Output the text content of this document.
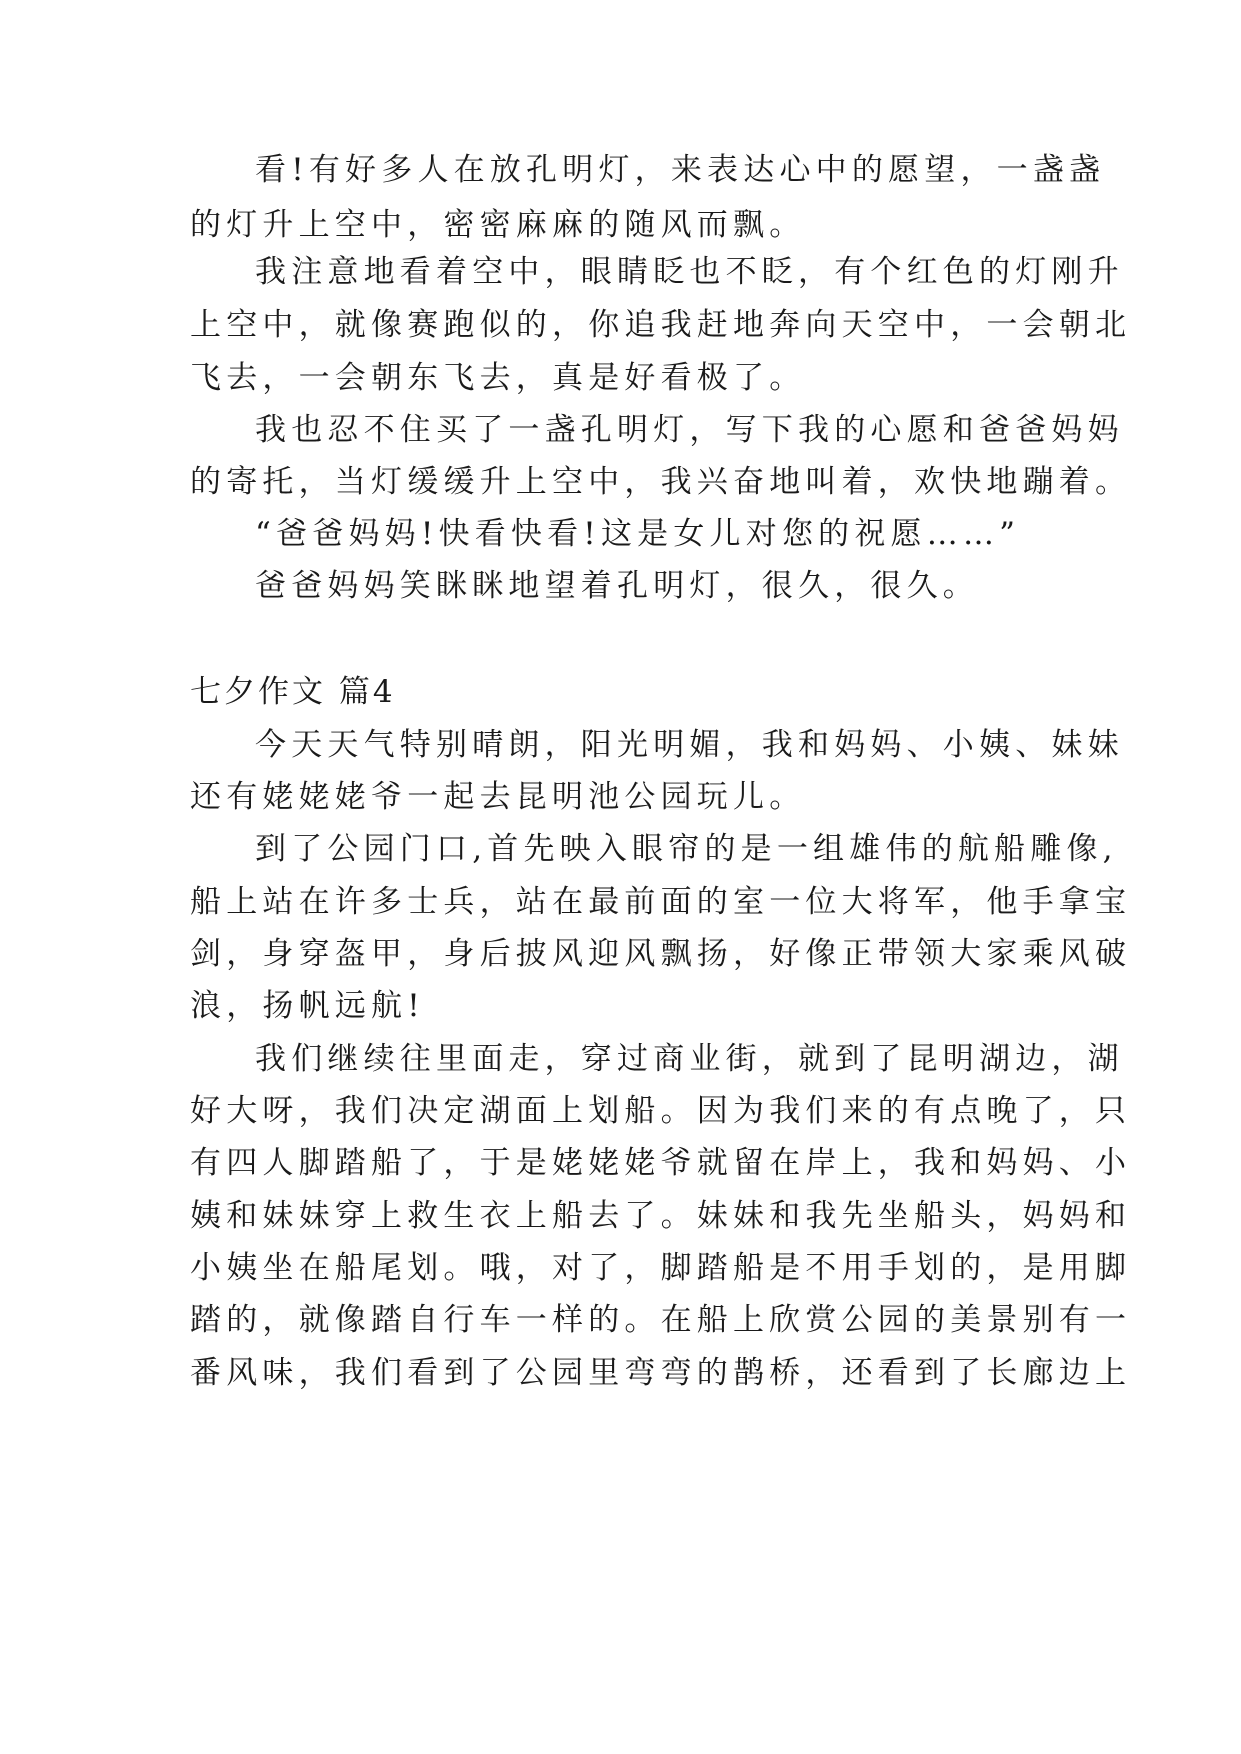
看!有好多人在放孔明灯，来表达心中的愿望，一盏盏
的灯升上空中，密密麻麻的随风而飘。
我注意地看着空中，眼睛眨也不眨，有个红色的灯刚升
上空中，就像赛跑似的，你追我赶地奔向天空中，一会朝北
飞去，一会朝东飞去，真是好看极了。
我也忍不住买了一盏孔明灯，写下我的心愿和爸爸妈妈
的寄托，当灯缓缓升上空中，我兴奋地叫着，欢快地蹦着。
“爸爸妈妈!快看快看!这是女儿对您的祝愿……”
爸爸妈妈笑眯眯地望着孔明灯，很久，很久。
七夕作文 篇4
今天天气特别晴朗，阳光明媚，我和妈妈、小姨、妹妹
还有姥姥姥爷一起去昆明池公园玩儿。
到了公园门口,首先映入眼帘的是一组雄伟的航船雕像,
船上站在许多士兵，站在最前面的室一位大将军，他手拿宝
剑，身穿盔甲，身后披风迎风飘扬，好像正带领大家乘风破
浪，扬帆远航!
我们继续往里面走，穿过商业街，就到了昆明湖边，湖
好大呀，我们决定湖面上划船。因为我们来的有点晚了，只
有四人脚踏船了，于是姥姥姥爷就留在岸上，我和妈妈、小
姨和妹妹穿上救生衣上船去了。妹妹和我先坐船头，妈妈和
小姨坐在船尾划。哦，对了，脚踏船是不用手划的，是用脚
踏的，就像踏自行车一样的。在船上欣赏公园的美景别有一
番风味，我们看到了公园里弯弯的鹊桥，还看到了长廊边上
